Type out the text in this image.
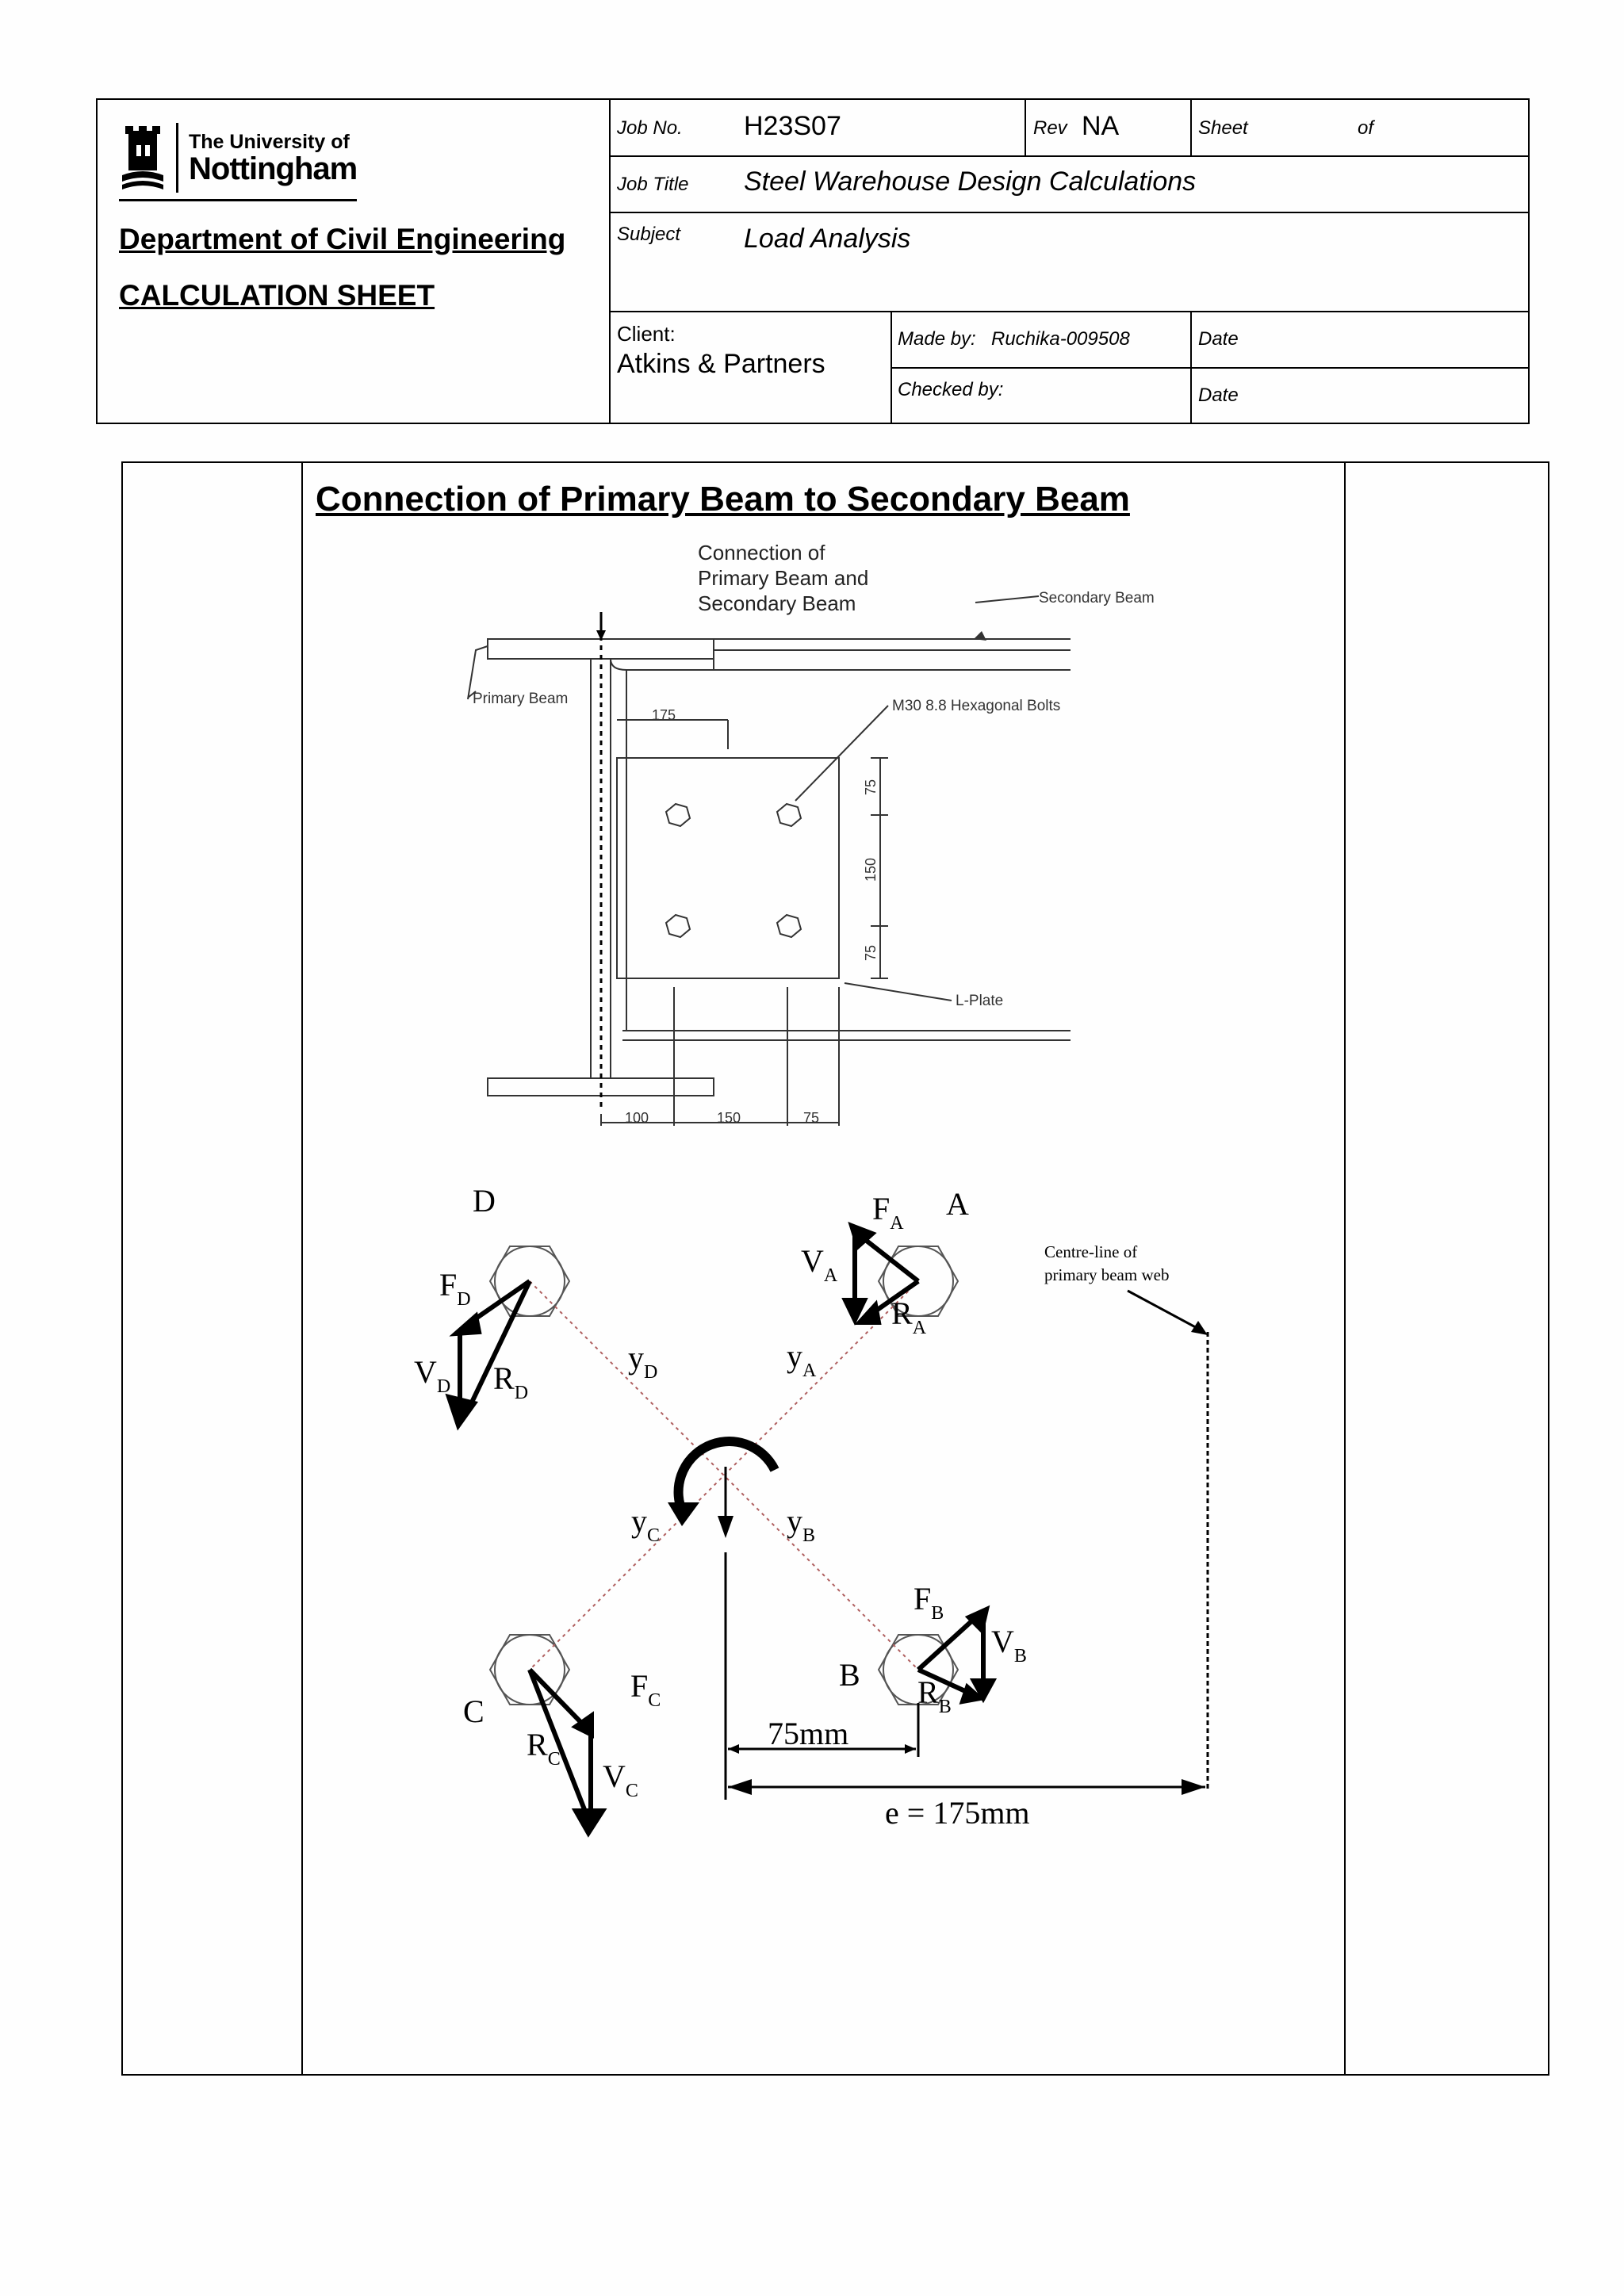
The University of
Nottingham
Department of Civil Engineering
CALCULATION SHEET
Job No. H23S07	Rev NA	Sheet	of
Job Title Steel Warehouse Design Calculations
Subject Load Analysis
Client:
Atkins & Partners
Made by: Ruchika-009508	Date
Checked by:	Date
Connection of Primary Beam to Secondary Beam
Connection of
Primary Beam and
Secondary Beam	Secondary Beam
Primary Beam	M30 8.8 Hexagonal Bolts
L-Plate
175
75
150
75
100	150	75
D	A
C
B
$F_D$
$V_D$ $R_D$
$y_D$
$F_A$
$V_A$
$R_A$
$y_A$
$F_C$
$R_C$ $V_C$
$y_C$
$F_B$
$V_B$
$R_B$
$y_B$
Centre-line of
primary beam web
75mm
e = 175mm
